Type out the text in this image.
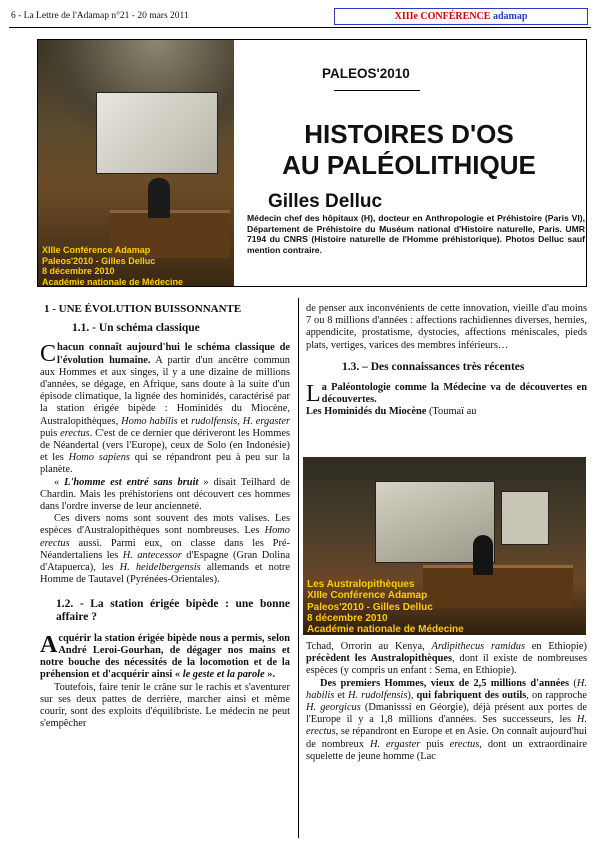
6 - La Lettre de l'Adamap n°21 - 20 mars 2011	XIIIe CONFÉRENCE adamap
XIIIe Conférence Adamap
Paleos'2010 - Gilles Delluc
8 décembre 2010
Académie nationale de Médecine
PALEOS'2010
HISTOIRES D'OS
AU PALÉOLITHIQUE
Gilles Delluc
Médecin chef des hôpitaux (H), docteur en Anthropologie et Préhistoire (Paris VI), Département de Préhistoire du Muséum national d'Histoire naturelle, Paris. UMR 7194 du CNRS (Histoire naturelle de l'Homme préhistorique). Photos Delluc sauf mention contraire.

1 - UNE ÉVOLUTION BUISSONNANTE

1.1. - Un schéma classique

Chacun connaît aujourd'hui le schéma classique de l'évolution humaine. A partir d'un ancêtre commun aux Hommes et aux singes, il y a une dizaine de millions d'années, se dégage, en Afrique, sans doute à la suite d'un épisode climatique, la lignée des hominidés, caractérisé par la station érigée bipède : Hominidés du Miocène, Australopithèques, Homo habilis et rudolfensis, H. ergaster puis erectus. C'est de ce dernier que dériveront les Hommes de Néandertal (vers l'Europe), ceux de Solo (en Indonésie) et les Homo sapiens qui se répandront peu à peu sur la planète.

« L'homme est entré sans bruit » disait Teilhard de Chardin. Mais les préhistoriens ont découvert ces hommes dans l'ordre inverse de leur ancienneté.

Ces divers noms sont souvent des mots valises. Les espèces d'Australopithèques sont nombreuses. Les Homo erectus aussi. Parmi eux, on classe dans les Pré-Néandertaliens les H. antecessor d'Espagne (Gran Dolina d'Atapuerca), les H. heidelbergensis allemands et notre Homme de Tautavel (Pyrénées-Orientales).

1.2. - La station érigée bipède : une bonne affaire ?

Acquérir la station érigée bipède nous a permis, selon André Leroi-Gourhan, de dégager nos mains et notre bouche des nécessités de la locomotion et de la préhension et d'acquérir ainsi « le geste et la parole ».

Toutefois, faire tenir le crâne sur le rachis et s'aventurer sur ses deux pattes de derrière, marcher ainsi et même courir, sont des exploits d'équilibriste. Le médecin ne peut s'empêcher

de penser aux inconvénients de cette innovation, vieille d'au moins 7 ou 8 millions d'années : affections rachidiennes diverses, hernies, appendicite, prostatisme, dystocies, affections méniscales, pieds plats, vertiges, varices des membres inférieurs…

1.3. – Des connaissances très récentes

La Paléontologie comme la Médecine va de découvertes en découvertes.
Les Hominidés du Miocène (Toumaï au

Les Australopithèques
XIIIe Conférence Adamap
Paleos'2010 - Gilles Delluc
8 décembre 2010
Académie nationale de Médecine

Tchad, Orrorin au Kenya, Ardipithecus ramidus en Ethiopie) précèdent les Australopithèques, dont il existe de nombreuses espèces (y compris un enfant : Sema, en Ethiopie).

Des premiers Hommes, vieux de 2,5 millions d'années (H. habilis et H. rudolfensis), qui fabriquent des outils, on rapproche H. georgicus (Dmanisssi en Géorgie), déjà présent aux portes de l'Europe il y a 1,8 millions d'années. Ses successeurs, les H. erectus, se répandront en Europe et en Asie. On connaît aujourd'hui de nombreux H. ergaster puis erectus, dont un extraordinaire squelette de jeune homme (Lac
